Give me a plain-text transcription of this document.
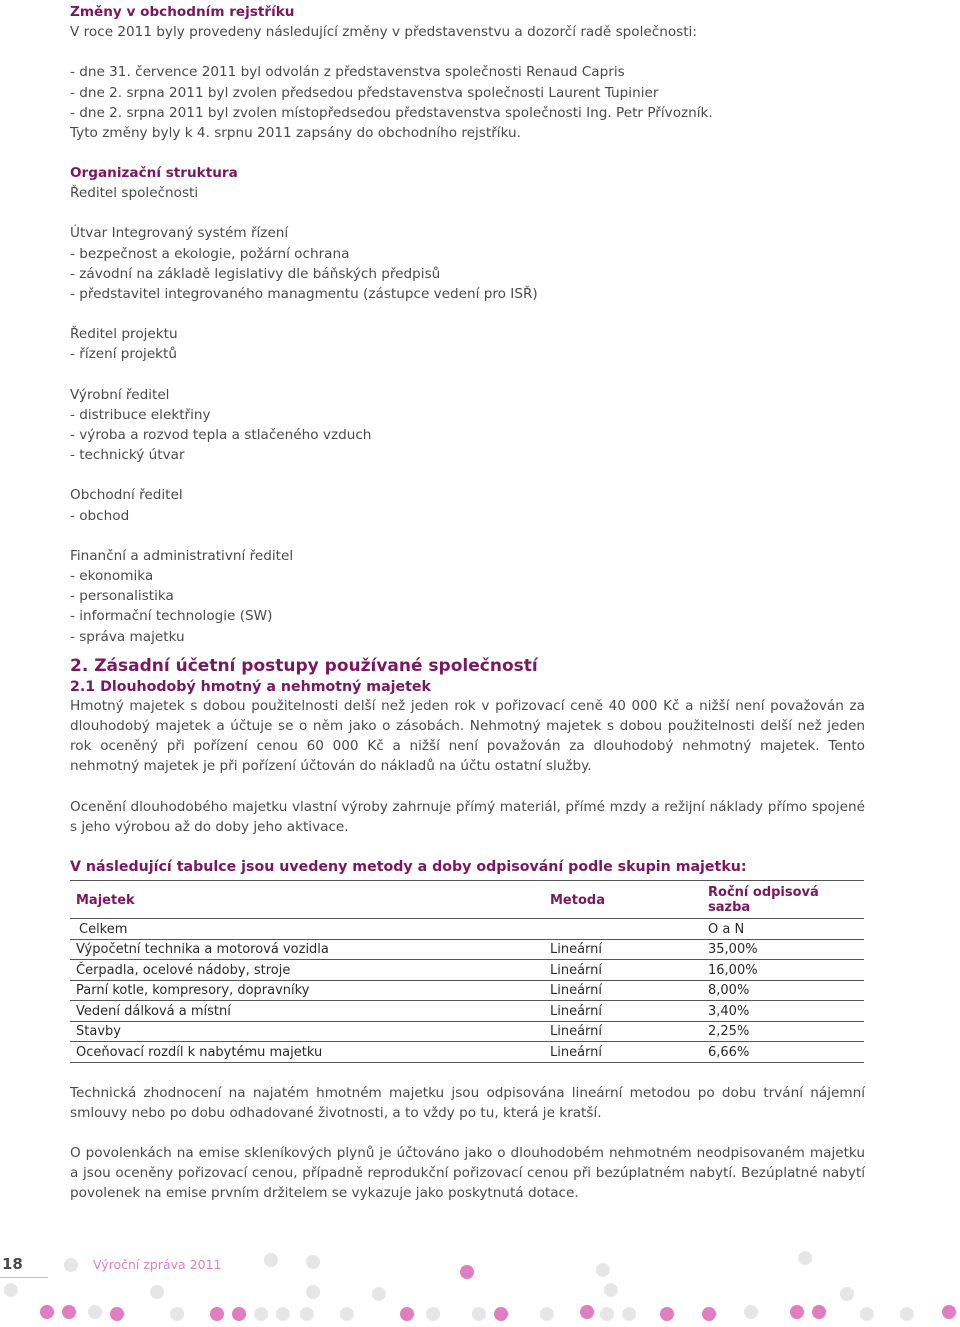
Změny v obchodním rejstříku
V roce 2011 byly provedeny následující změny v představenstvu a dozorčí radě společnosti:
- dne 31. července 2011 byl odvolán z představenstva společnosti Renaud Capris
- dne 2. srpna 2011 byl zvolen předsedou představenstva společnosti Laurent Tupinier
- dne 2. srpna 2011 byl zvolen místopředsedou představenstva společnosti Ing. Petr Přívozník.
Tyto změny byly k 4. srpnu 2011 zapsány do obchodního rejstříku.
Organizační struktura
Ředitel společnosti
Útvar Integrovaný systém řízení
- bezpečnost a ekologie, požární ochrana
- závodní na základě legislativy dle báňských předpisů
- představitel integrovaného managmentu (zástupce vedení pro ISŘ)
Ředitel projektu
- řízení projektů
Výrobní ředitel
- distribuce elektřiny
- výroba a rozvod tepla a stlačeného vzduch
- technický útvar
Obchodní ředitel
- obchod
Finanční a administrativní ředitel
- ekonomika
- personalistika
- informační technologie (SW)
- správa majetku
2. Zásadní účetní postupy používané společností
2.1 Dlouhodobý hmotný a nehmotný majetek
Hmotný majetek s dobou použitelnosti delší než jeden rok v pořizovací ceně 40 000 Kč a nižší není považován za dlouhodobý majetek a účtuje se o něm jako o zásobách. Nehmotný majetek s dobou použitelnosti delší než jeden rok oceněný při pořízení cenou 60 000 Kč a nižší není považován za dlouhodobý nehmotný majetek. Tento nehmotný majetek je při pořízení účtován do nákladů na účtu ostatní služby.
Ocenění dlouhodobého majetku vlastní výroby zahrnuje přímý materiál, přímé mzdy a režijní náklady přímo spojené s jeho výrobou až do doby jeho aktivace.
V následující tabulce jsou uvedeny metody a doby odpisování podle skupin majetku:
Majetek	Metoda	Roční odpisová sazba
Celkem		O a N
Výpočetní technika a motorová vozidla	Lineární	35,00%
Čerpadla, ocelové nádoby, stroje	Lineární	16,00%
Parní kotle, kompresory, dopravníky	Lineární	8,00%
Vedení dálková a místní	Lineární	3,40%
Stavby	Lineární	2,25%
Oceňovací rozdíl k nabytému majetku	Lineární	6,66%
Technická zhodnocení na najatém hmotném majetku jsou odpisována lineární metodou po dobu trvání nájemní smlouvy nebo po dobu odhadované životnosti, a to vždy po tu, která je kratší.
O povolenkách na emise skleníkových plynů je účtováno jako o dlouhodobém nehmotném neodpisovaném majetku a jsou oceněny pořizovací cenou, případně reprodukční pořizovací cenou při bezúplatném nabytí. Bezúplatné nabytí povolenek na emise prvním držitelem se vykazuje jako poskytnutá dotace.
18	Výroční zpráva 2011
